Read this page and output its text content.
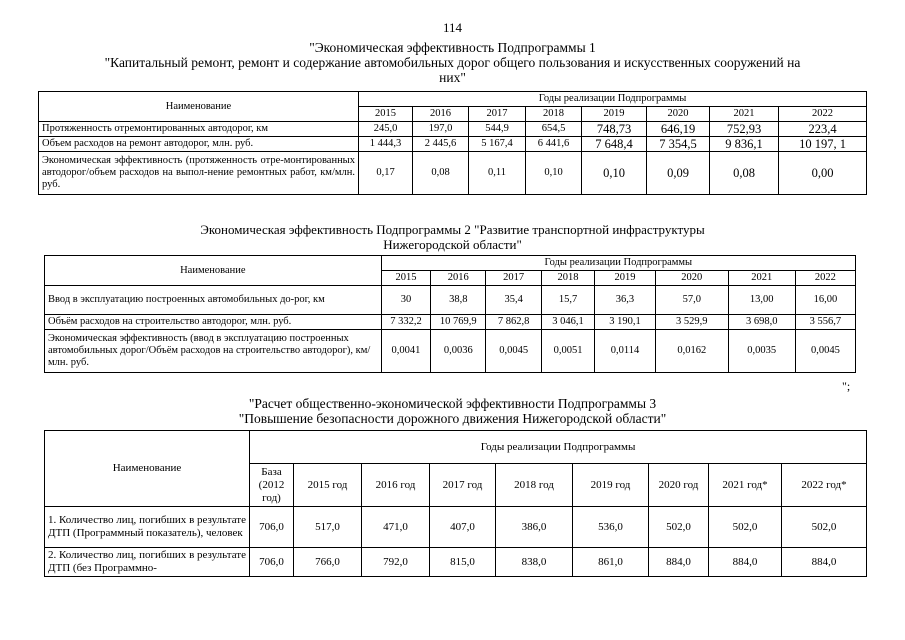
114
"Экономическая эффективность Подпрограммы 1
"Капитальный ремонт, ремонт и содержание автомобильных дорог общего пользования и искусственных сооружений на
них"
Наименование	Годы реализации Подпрограммы							
	2015	2016	2017	2018	2019	2020	2021	2022
Протяженность отремонтированных автодорог, км	245,0	197,0	544,9	654,5	748,73	646,19	752,93	223,4
Объем расходов на ремонт автодорог, млн. руб.	1 444,3	2 445,6	5 167,4	6 441,6	7 648,4	7 354,5	9 836,1	10 197, 1
Экономическая эффективность (протяженность отре-монтированных автодорог/объем расходов на выпол-нение ремонтных работ, км/млн. руб.	0,17	0,08	0,11	0,10	0,10	0,09	0,08	0,00
Экономическая эффективность Подпрограммы 2 "Развитие транспортной инфраструктуры
Нижегородской области"
Наименование	Годы реализации Подпрограммы							
	2015	2016	2017	2018	2019	2020	2021	2022
Ввод в эксплуатацию построенных автомобильных до-рог, км	30	38,8	35,4	15,7	36,3	57,0	13,00	16,00
Объём расходов на строительство автодорог, млн. руб.	7 332,2	10 769,9	7 862,8	3 046,1	3 190,1	3 529,9	3 698,0	3 556,7
Экономическая эффективность (ввод в эксплуатацию построенных автомобильных дорог/Объём расходов на строительство автодорог), км/млн. руб.	0,0041	0,0036	0,0045	0,0051	0,0114	0,0162	0,0035	0,0045
";
"Расчет общественно-экономической эффективности Подпрограммы 3
"Повышение безопасности дорожного движения Нижегородской области"
Наименование	Годы реализации Подпрограммы								
	База (2012 год)	2015 год	2016 год	2017 год	2018 год	2019 год	2020 год	2021 год*	2022 год*
1. Количество лиц, погибших в результате ДТП (Программный показатель), человек	706,0	517,0	471,0	407,0	386,0	536,0	502,0	502,0	502,0
2. Количество лиц, погибших в результате ДТП (без Программно-	706,0	766,0	792,0	815,0	838,0	861,0	884,0	884,0	884,0
